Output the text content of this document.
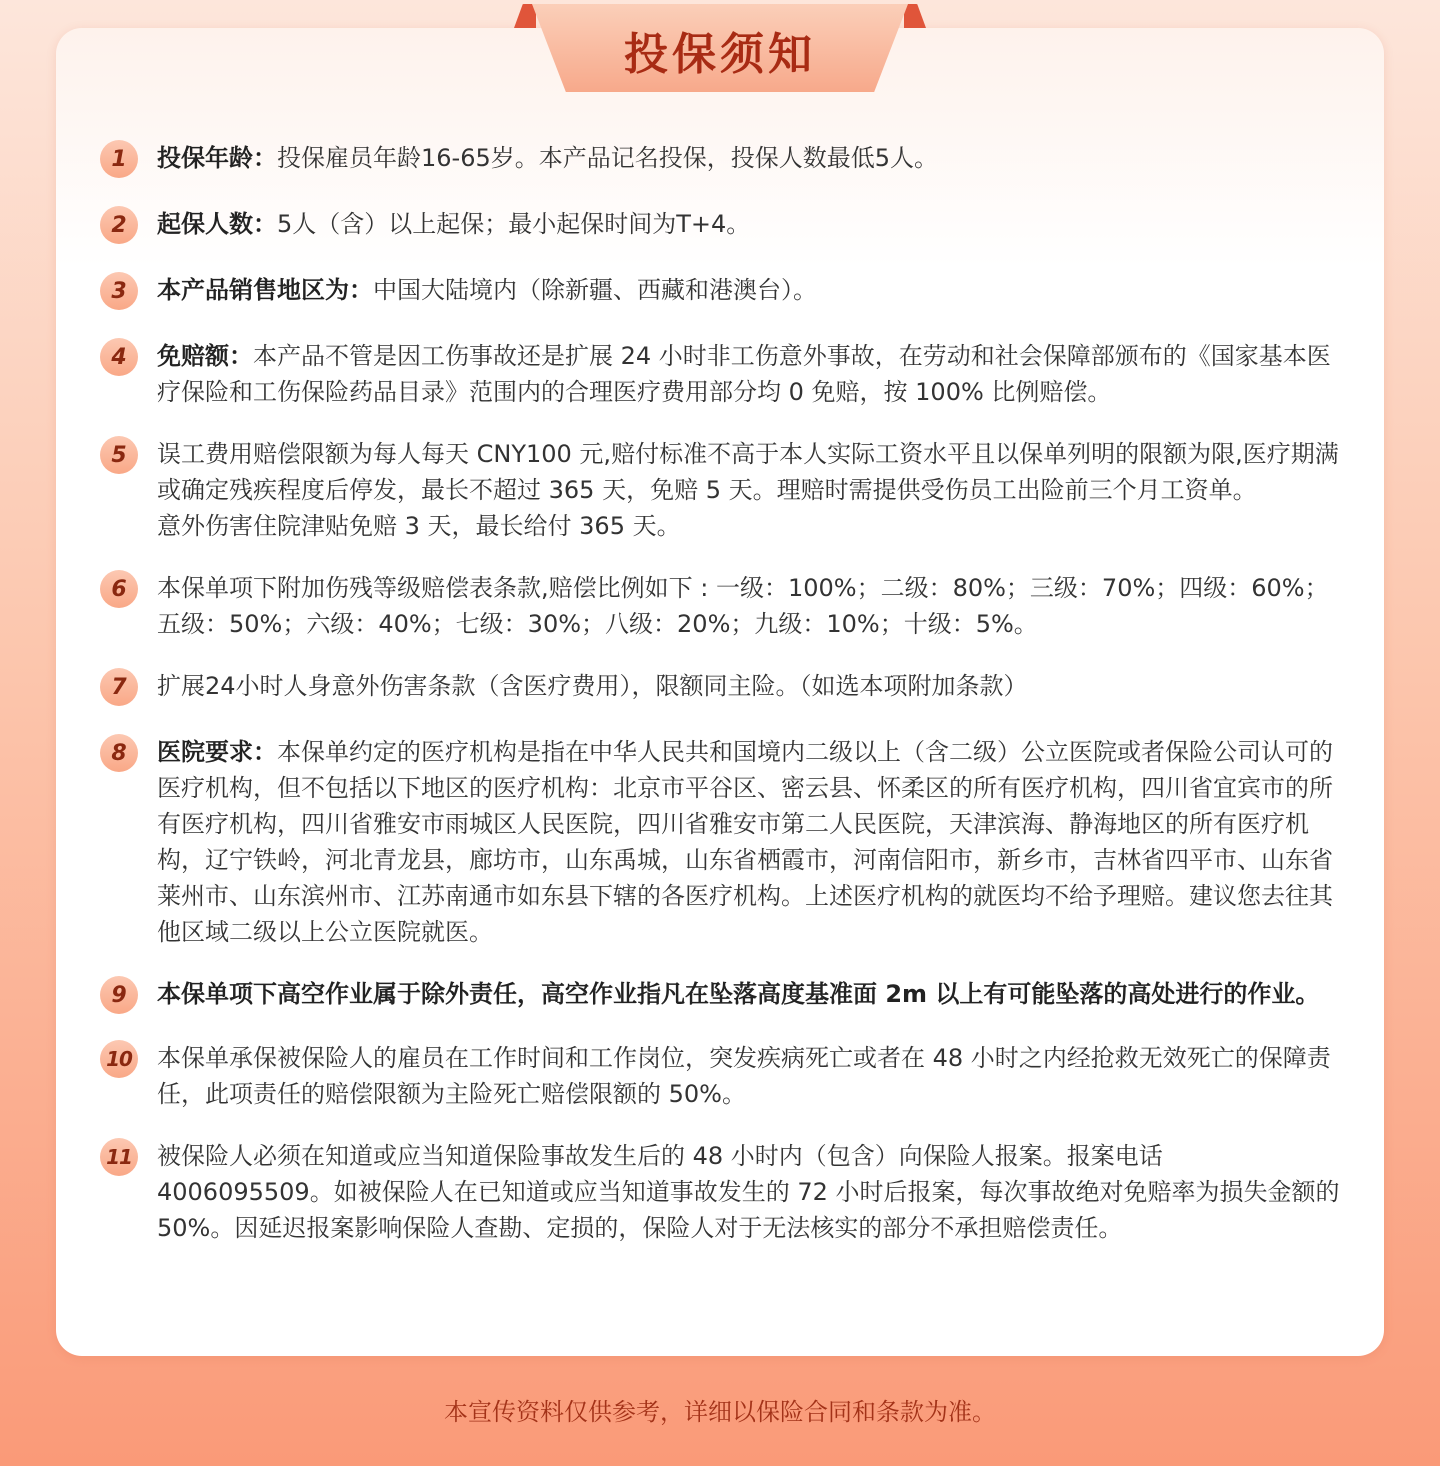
投保须知
1	投保年龄：投保雇员年龄16-65岁。本产品记名投保，投保人数最低5人。
2	起保人数：5人（含）以上起保；最小起保时间为T+4。
3	本产品销售地区为：中国大陆境内（除新疆、西藏和港澳台）。
4	免赔额：本产品不管是因工伤事故还是扩展 24 小时非工伤意外事故，在劳动和社会保障部颁布的《国家基本医疗保险和工伤保险药品目录》范围内的合理医疗费用部分均 0 免赔，按 100% 比例赔偿。
5	误工费用赔偿限额为每人每天 CNY100 元,赔付标准不高于本人实际工资水平且以保单列明的限额为限,医疗期满或确定残疾程度后停发，最长不超过 365 天，免赔 5 天。理赔时需提供受伤员工出险前三个月工资单。
意外伤害住院津贴免赔 3 天，最长给付 365 天。
6	本保单项下附加伤残等级赔偿表条款,赔偿比例如下 : 一级：100%；二级：80%；三级：70%；四级：60%；五级：50%；六级：40%；七级：30%；八级：20%；九级：10%；十级：5%。
7	扩展24小时人身意外伤害条款（含医疗费用），限额同主险。（如选本项附加条款）
8	医院要求：本保单约定的医疗机构是指在中华人民共和国境内二级以上（含二级）公立医院或者保险公司认可的医疗机构，但不包括以下地区的医疗机构：北京市平谷区、密云县、怀柔区的所有医疗机构，四川省宜宾市的所有医疗机构，四川省雅安市雨城区人民医院，四川省雅安市第二人民医院，天津滨海、静海地区的所有医疗机构，辽宁铁岭，河北青龙县，廊坊市，山东禹城，山东省栖霞市，河南信阳市，新乡市，吉林省四平市、山东省莱州市、山东滨州市、江苏南通市如东县下辖的各医疗机构。上述医疗机构的就医均不给予理赔。建议您去往其他区域二级以上公立医院就医。
9	本保单项下高空作业属于除外责任，高空作业指凡在坠落高度基准面 2m 以上有可能坠落的高处进行的作业。
10 本保单承保被保险人的雇员在工作时间和工作岗位，突发疾病死亡或者在 48 小时之内经抢救无效死亡的保障责任，此项责任的赔偿限额为主险死亡赔偿限额的 50%。
11 被保险人必须在知道或应当知道保险事故发生后的 48 小时内（包含）向保险人报案。报案电话 4006095509。如被保险人在已知道或应当知道事故发生的 72 小时后报案，每次事故绝对免赔率为损失金额的 50%。因延迟报案影响保险人查勘、定损的，保险人对于无法核实的部分不承担赔偿责任。
本宣传资料仅供参考，详细以保险合同和条款为准。
